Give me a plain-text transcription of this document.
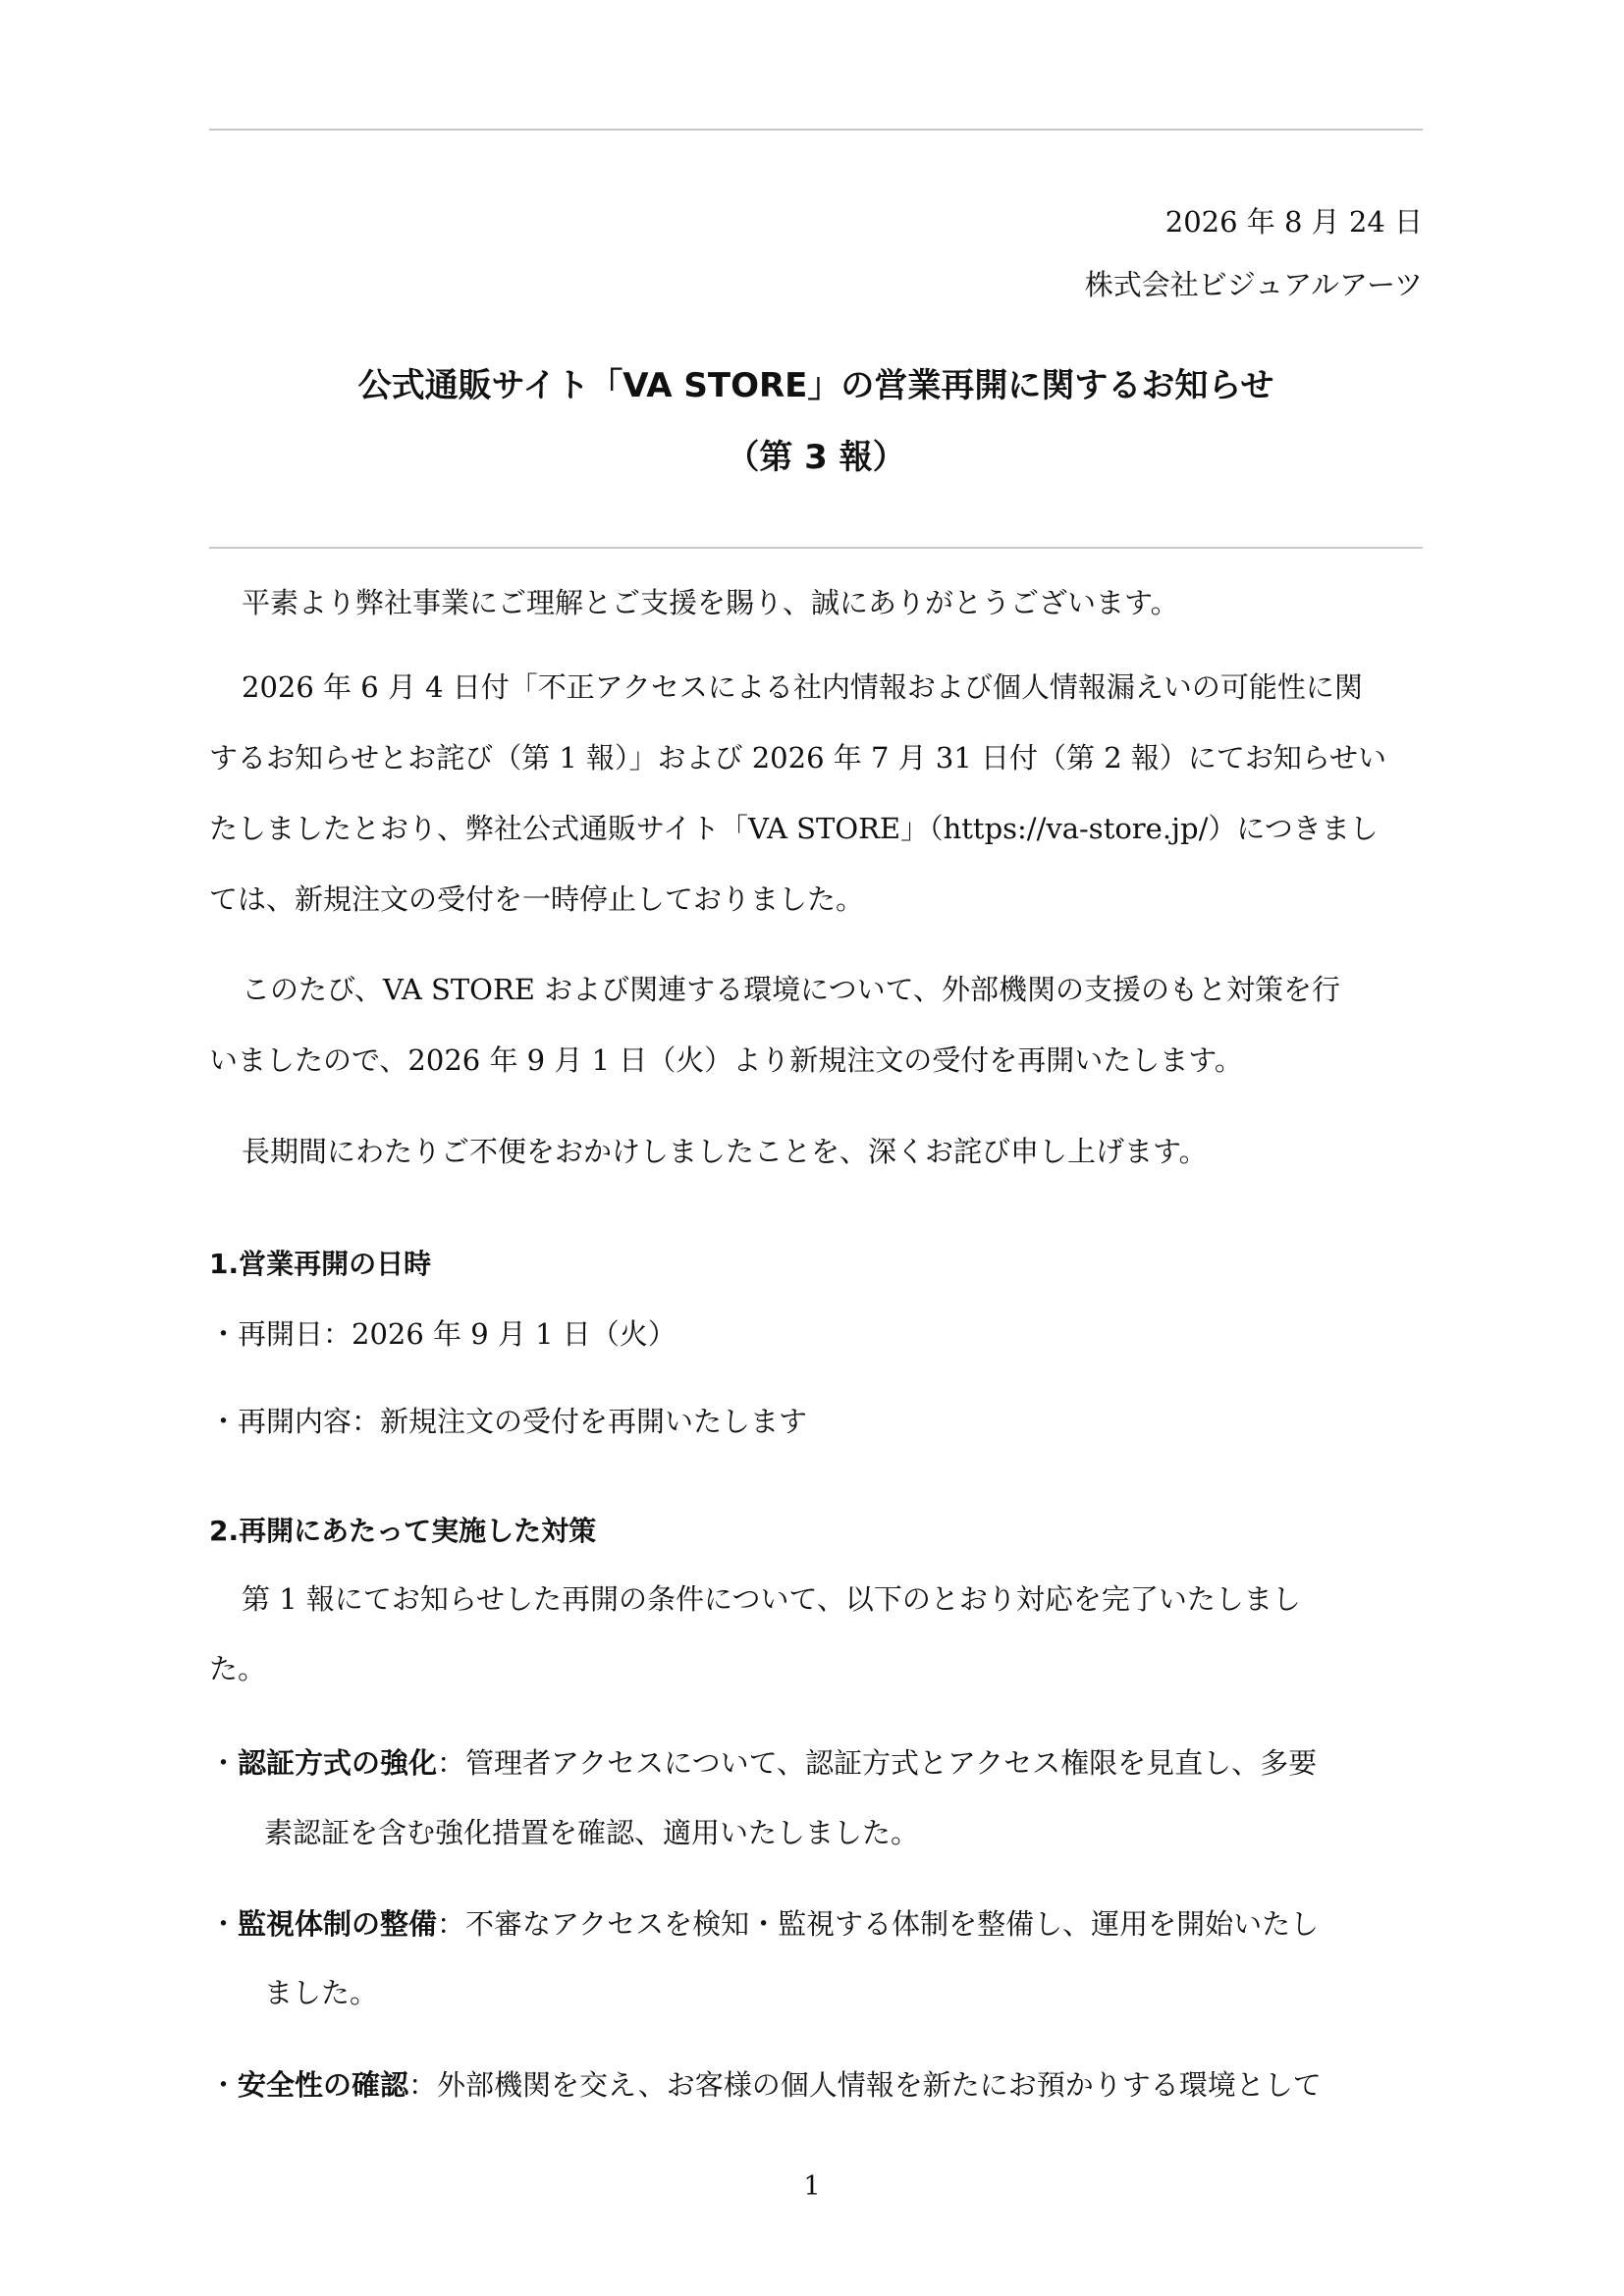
2026 年 8 月 24 日
株式会社ビジュアルアーツ
公式通販サイト「VA STORE」の営業再開に関するお知らせ
（第 3 報）
平素より弊社事業にご理解とご支援を賜り、誠にありがとうございます。
2026 年 6 月 4 日付「不正アクセスによる社内情報および個人情報漏えいの可能性に関
するお知らせとお詫び（第 1 報）」および 2026 年 7 月 31 日付（第 2 報）にてお知らせい
たしましたとおり、弊社公式通販サイト「VA STORE」（https://va-store.jp/）につきまし
ては、新規注文の受付を一時停止しておりました。
このたび、VA STORE および関連する環境について、外部機関の支援のもと対策を行
いましたので、2026 年 9 月 1 日（火）より新規注文の受付を再開いたします。
長期間にわたりご不便をおかけしましたことを、深くお詫び申し上げます。
1.営業再開の日時
・再開日：2026 年 9 月 1 日（火）
・再開内容：新規注文の受付を再開いたします
2.再開にあたって実施した対策
第 1 報にてお知らせした再開の条件について、以下のとおり対応を完了いたしまし
た。
・認証方式の強化：管理者アクセスについて、認証方式とアクセス権限を見直し、多要
素認証を含む強化措置を確認、適用いたしました。
・監視体制の整備：不審なアクセスを検知・監視する体制を整備し、運用を開始いたし
ました。
・安全性の確認：外部機関を交え、お客様の個人情報を新たにお預かりする環境として
1
